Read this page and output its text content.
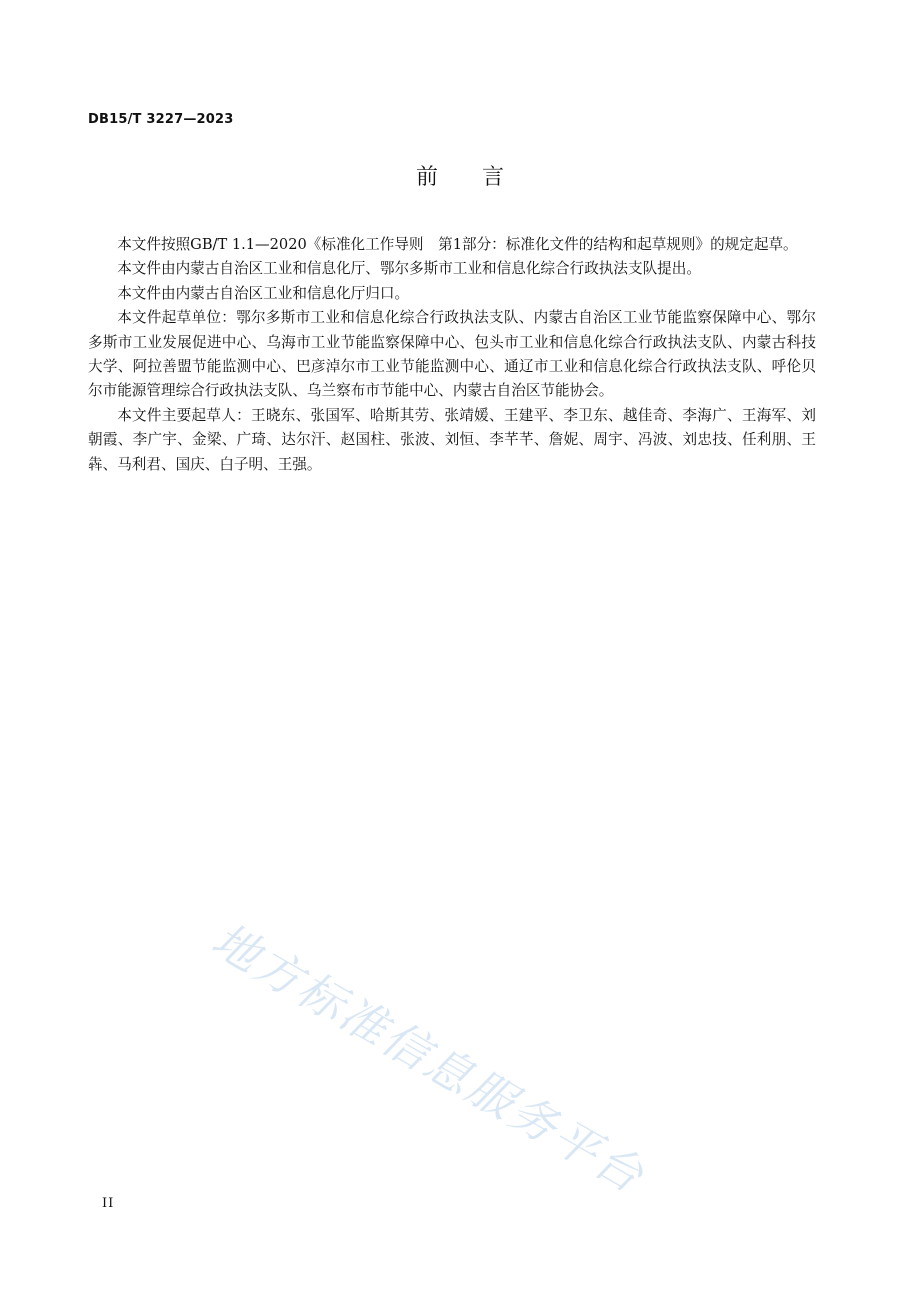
DB15/T 3227—2023
前言

本文件按照GB/T 1.1—2020《标准化工作导则　第1部分：标准化文件的结构和起草规则》的规定起草。

本文件由内蒙古自治区工业和信息化厅、鄂尔多斯市工业和信息化综合行政执法支队提出。

本文件由内蒙古自治区工业和信息化厅归口。

本文件起草单位：鄂尔多斯市工业和信息化综合行政执法支队、内蒙古自治区工业节能监察保障中心、鄂尔多斯市工业发展促进中心、乌海市工业节能监察保障中心、包头市工业和信息化综合行政执法支队、内蒙古科技大学、阿拉善盟节能监测中心、巴彦淖尔市工业节能监测中心、通辽市工业和信息化综合行政执法支队、呼伦贝尔市能源管理综合行政执法支队、乌兰察布市节能中心、内蒙古自治区节能协会。

本文件主要起草人：王晓东、张国军、哈斯其劳、张靖媛、王建平、李卫东、越佳奇、李海广、王海军、刘朝霞、李广宇、金梁、广琦、达尔汗、赵国柱、张波、刘恒、李芊芊、詹妮、周宇、冯波、刘忠技、任利朋、王犇、马利君、国庆、白子明、王强。

地方标准信息服务平台
II
